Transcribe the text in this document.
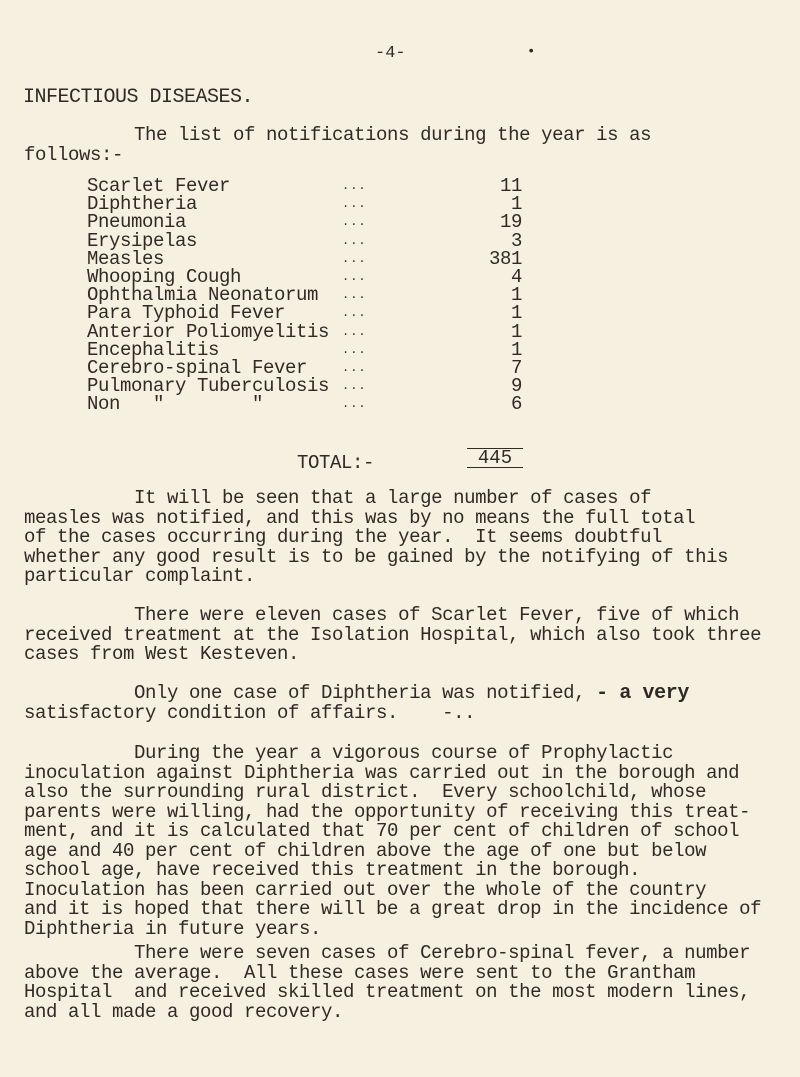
-4-	•
INFECTIOUS DISEASES.
The list of notifications during the year is as
follows:-
Scarlet Fever	...	11
Diphtheria	...	1
Pneumonia	...	19
Erysipelas	...	3
Measles	...	381
Whooping Cough	...	4
Ophthalmia Neonatorum	...	1
Para Typhoid Fever	...	1
Anterior Poliomyelitis	...	1
Encephalitis	...	1
Cerebro-spinal Fever	...	7
Pulmonary Tuberculosis	...	9
Non   "        "	...	6
TOTAL:-	445
It will be seen that a large number of cases of
measles was notified, and this was by no means the full total
of the cases occurring during the year.  It seems doubtful
whether any good result is to be gained by the notifying of this
particular complaint.
There were eleven cases of Scarlet Fever, five of which
received treatment at the Isolation Hospital, which also took three
cases from West Kesteven.
Only one case of Diphtheria was notified, - a very
satisfactory condition of affairs.    -..
During the year a vigorous course of Prophylactic
inoculation against Diphtheria was carried out in the borough and
also the surrounding rural district.  Every schoolchild, whose
parents were willing, had the opportunity of receiving this treat-
ment, and it is calculated that 70 per cent of children of school
age and 40 per cent of children above the age of one but below
school age, have received this treatment in the borough.
Inoculation has been carried out over the whole of the country
and it is hoped that there will be a great drop in the incidence of
Diphtheria in future years.
There were seven cases of Cerebro-spinal fever, a number
above the average.  All these cases were sent to the Grantham
Hospital  and received skilled treatment on the most modern lines,
and all made a good recovery.
